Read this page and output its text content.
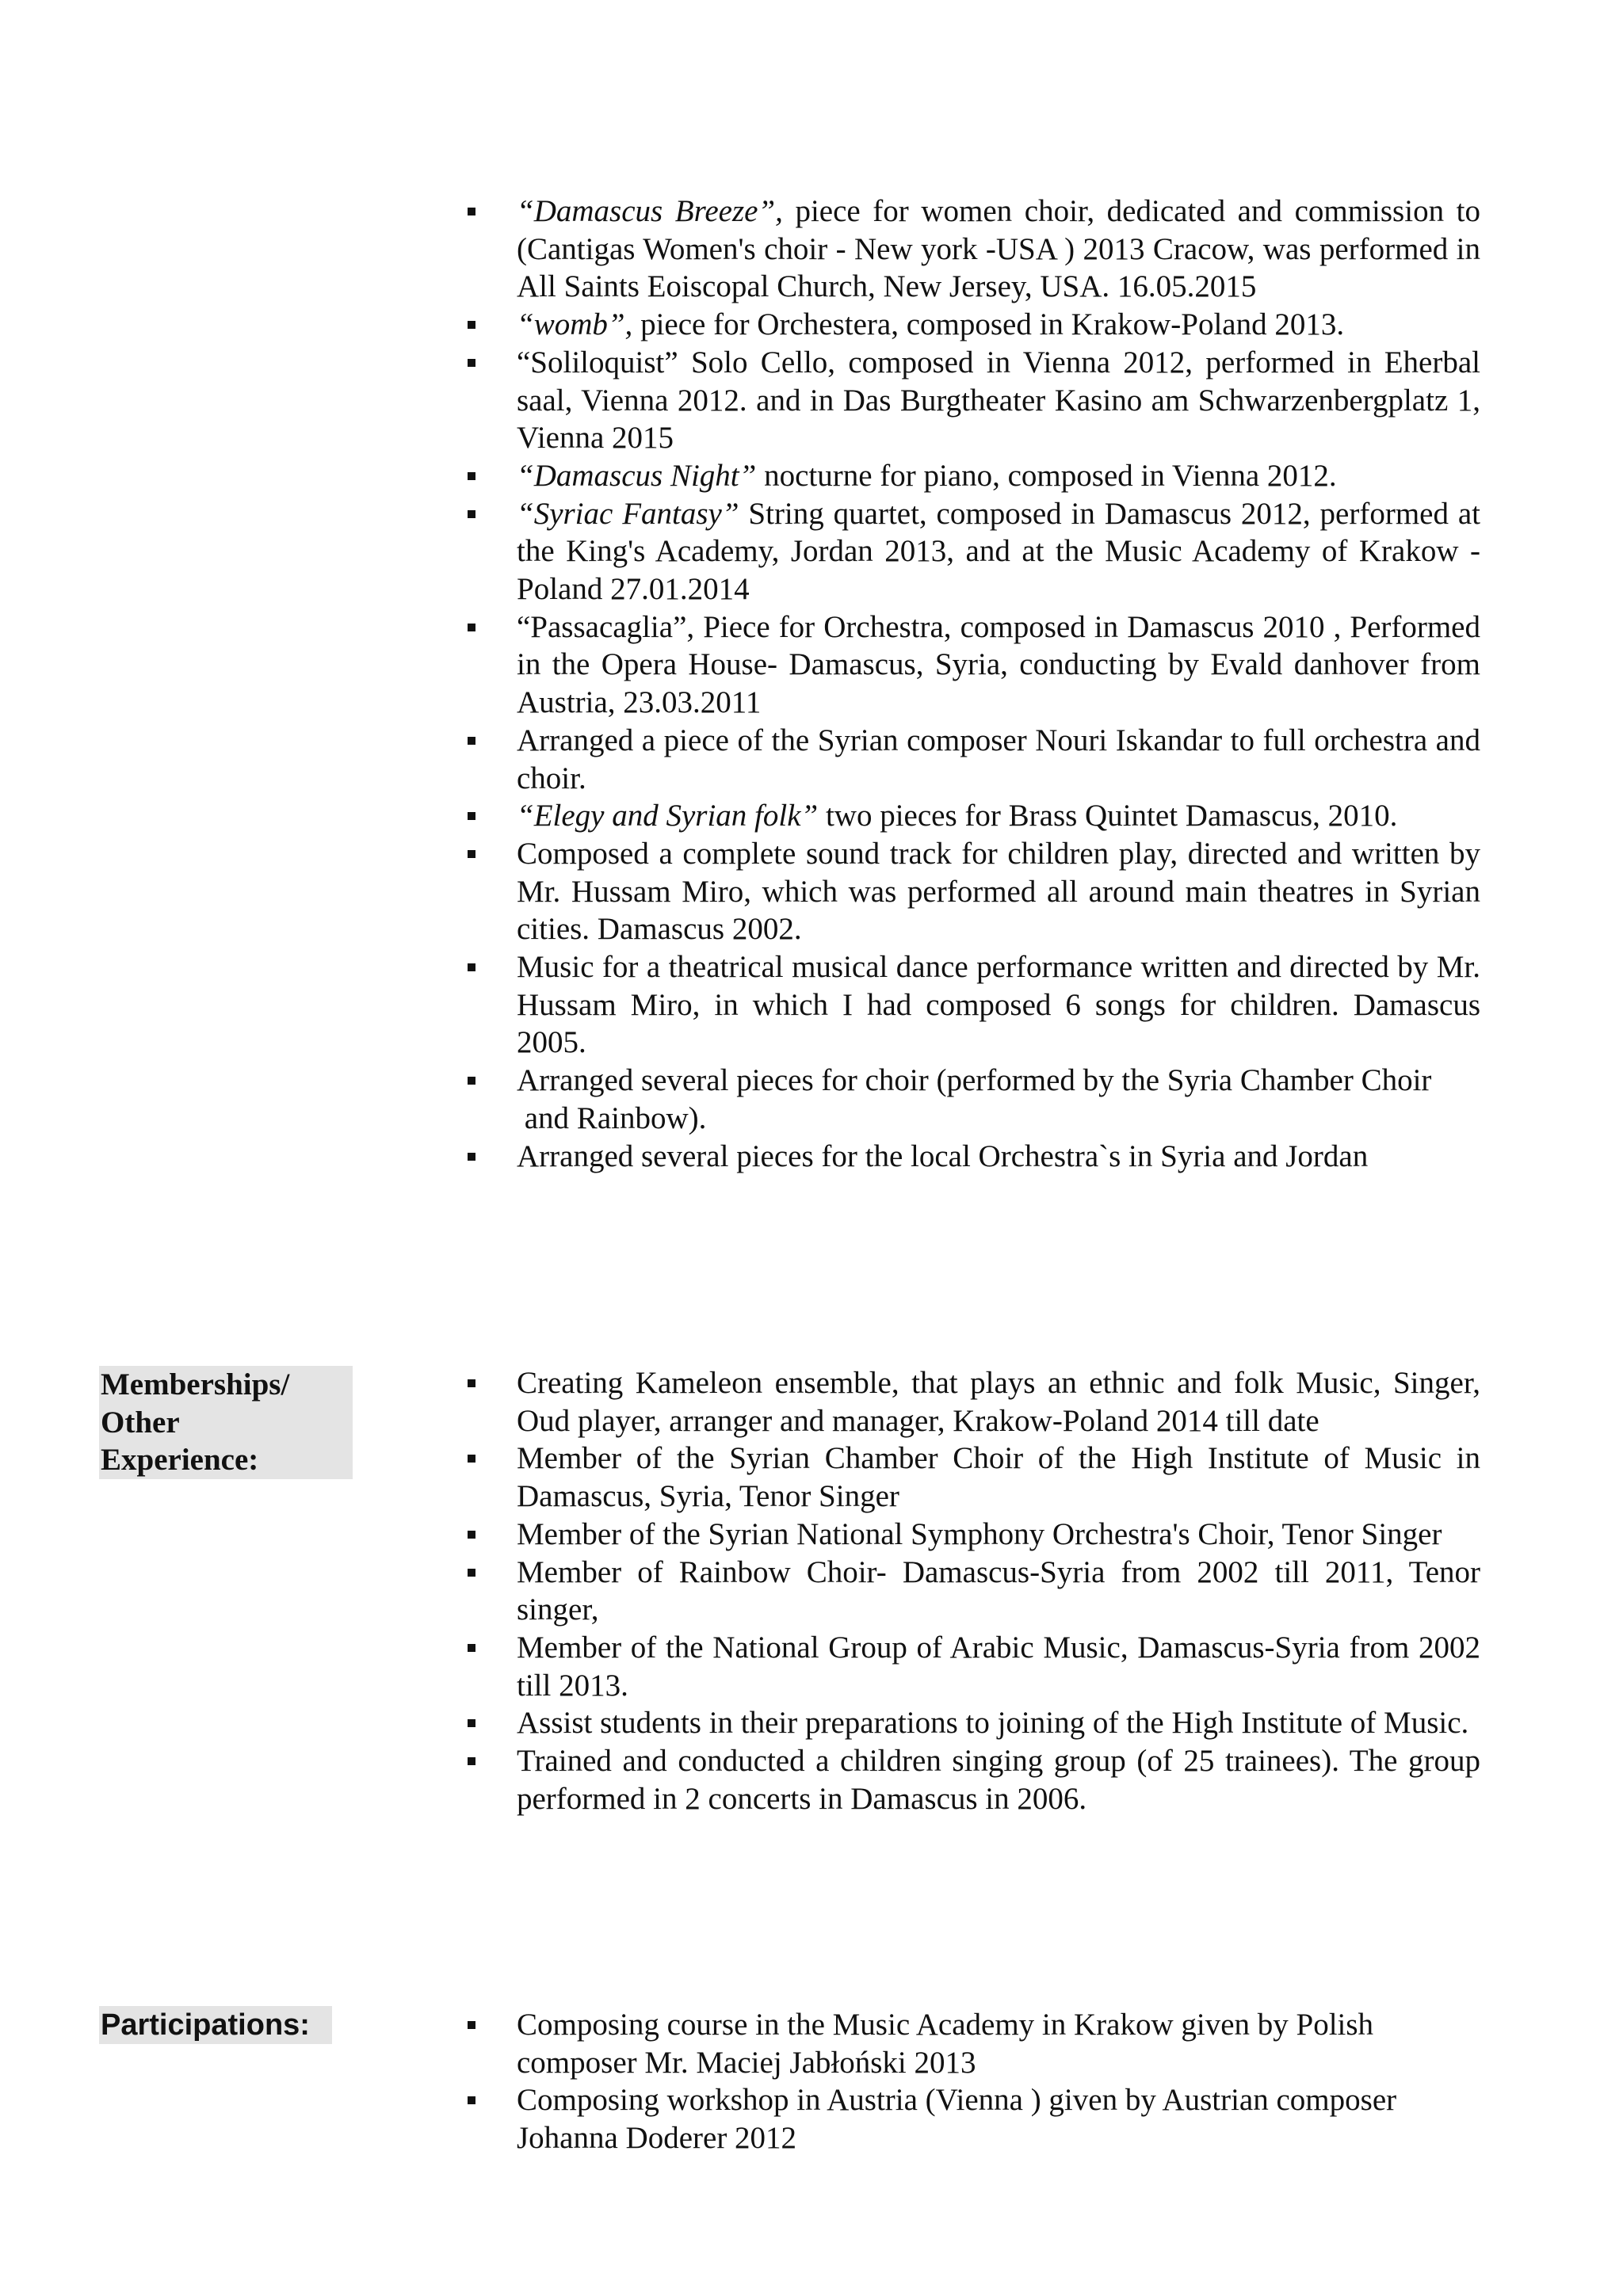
“Damascus Breeze”, piece for women choir, dedicated and commission to (Cantigas Women's choir - New york -USA ) 2013 Cracow, was performed in All Saints Eoiscopal Church, New Jersey, USA. 16.05.2015
“womb”, piece for Orchestera, composed in Krakow-Poland 2013.
“Soliloquist” Solo Cello, composed in Vienna 2012, performed in Eherbal saal, Vienna 2012. and in Das Burgtheater Kasino am Schwarzenbergplatz 1, Vienna 2015
“Damascus Night” nocturne for piano, composed in Vienna 2012.
“Syriac Fantasy” String quartet, composed in Damascus 2012, performed at the King's Academy, Jordan 2013, and at the Music Academy of Krakow - Poland 27.01.2014
“Passacaglia”, Piece for Orchestra, composed in Damascus 2010 , Performed in the Opera House- Damascus, Syria, conducting by Evald danhover from Austria, 23.03.2011
Arranged a piece of the Syrian composer Nouri Iskandar to full orchestra and choir.
“Elegy and Syrian folk” two pieces for Brass Quintet Damascus, 2010.
Composed a complete sound track for children play, directed and written by Mr. Hussam Miro, which was performed all around main theatres in Syrian cities. Damascus 2002.
Music for a theatrical musical dance performance written and directed by Mr. Hussam Miro, in which I had composed 6 songs for children. Damascus 2005.
Arranged several pieces for choir (performed by the Syria Chamber Choir
and Rainbow).
Arranged several pieces for the local Orchestra`s in Syria and Jordan
Memberships/
Other
Experience:
Creating Kameleon ensemble, that plays an ethnic and folk Music, Singer, Oud player, arranger and manager, Krakow-Poland 2014 till date
Member of the Syrian Chamber Choir of the High Institute of Music in Damascus, Syria, Tenor Singer
Member of the Syrian National Symphony Orchestra's Choir, Tenor Singer
Member of Rainbow Choir- Damascus-Syria from 2002 till 2011, Tenor singer,
Member of the National Group of Arabic Music, Damascus-Syria from 2002 till 2013.
Assist students in their preparations to joining of the High Institute of Music.
Trained and conducted a children singing group (of 25 trainees). The group performed in 2 concerts in Damascus in 2006.
Participations:	Composing course in the Music Academy in Krakow given by Polish composer Mr. Maciej Jabłoński 2013
Composing workshop in Austria (Vienna ) given by Austrian composer Johanna Doderer 2012
